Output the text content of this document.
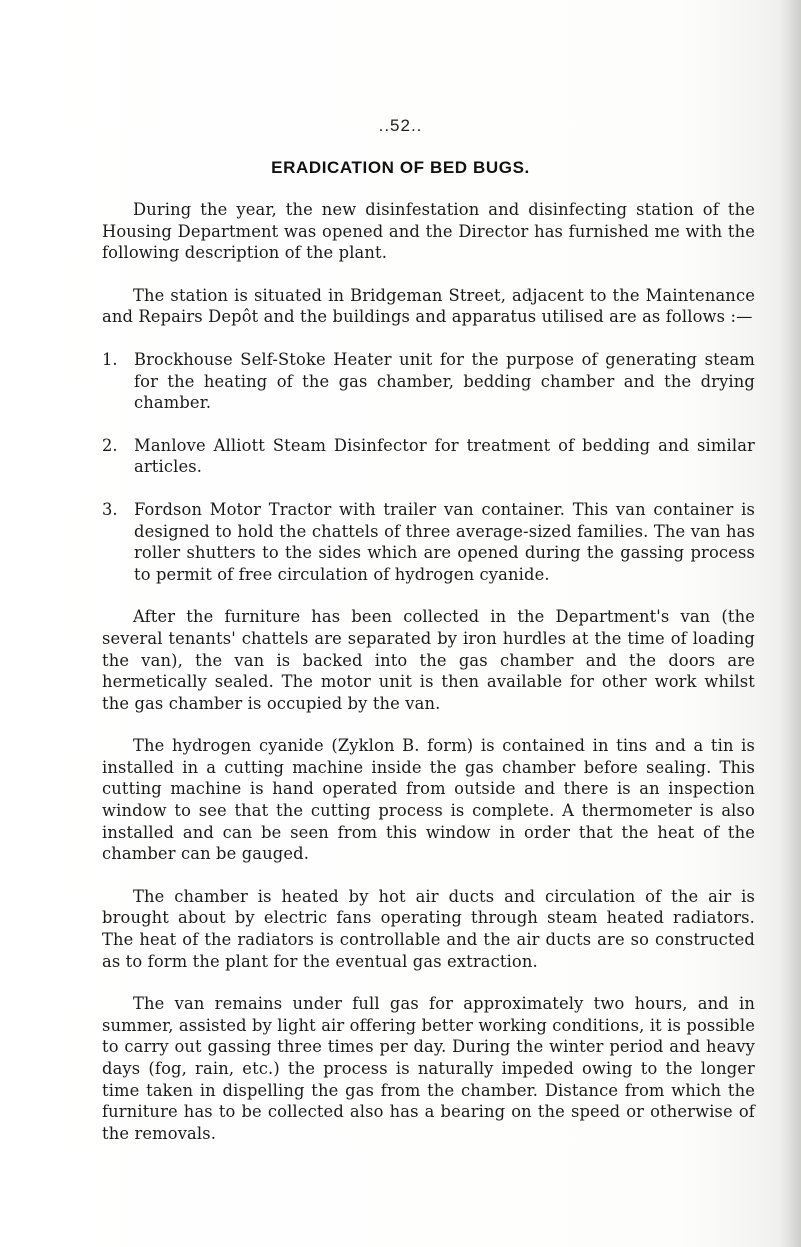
..52..
ERADICATION OF BED BUGS.

During the year, the new disinfestation and disinfecting station of the Housing Department was opened and the Director has furnished me with the following description of the plant.

The station is situated in Bridgeman Street, adjacent to the Maintenance and Repairs Depôt and the buildings and apparatus utilised are as follows :—

1.	Brockhouse Self-Stoke Heater unit for the purpose of generating steam for the heating of the gas chamber, bedding chamber and the drying chamber.

2.	Manlove Alliott Steam Disinfector for treatment of bedding and similar articles.

3.	Fordson Motor Tractor with trailer van container. This van container is designed to hold the chattels of three average-sized families. The van has roller shutters to the sides which are opened during the gassing process to permit of free circulation of hydrogen cyanide.

After the furniture has been collected in the Department's van (the several tenants' chattels are separated by iron hurdles at the time of loading the van), the van is backed into the gas chamber and the doors are hermetically sealed. The motor unit is then available for other work whilst the gas chamber is occupied by the van.

The hydrogen cyanide (Zyklon B. form) is contained in tins and a tin is installed in a cutting machine inside the gas chamber before sealing. This cutting machine is hand operated from outside and there is an inspection window to see that the cutting process is complete. A thermometer is also installed and can be seen from this window in order that the heat of the chamber can be gauged.

The chamber is heated by hot air ducts and circulation of the air is brought about by electric fans operating through steam heated radiators. The heat of the radiators is controllable and the air ducts are so constructed as to form the plant for the eventual gas extraction.

The van remains under full gas for approximately two hours, and in summer, assisted by light air offering better working conditions, it is possible to carry out gassing three times per day. During the winter period and heavy days (fog, rain, etc.) the process is naturally impeded owing to the longer time taken in dispelling the gas from the chamber. Distance from which the furniture has to be collected also has a bearing on the speed or otherwise of the removals.
